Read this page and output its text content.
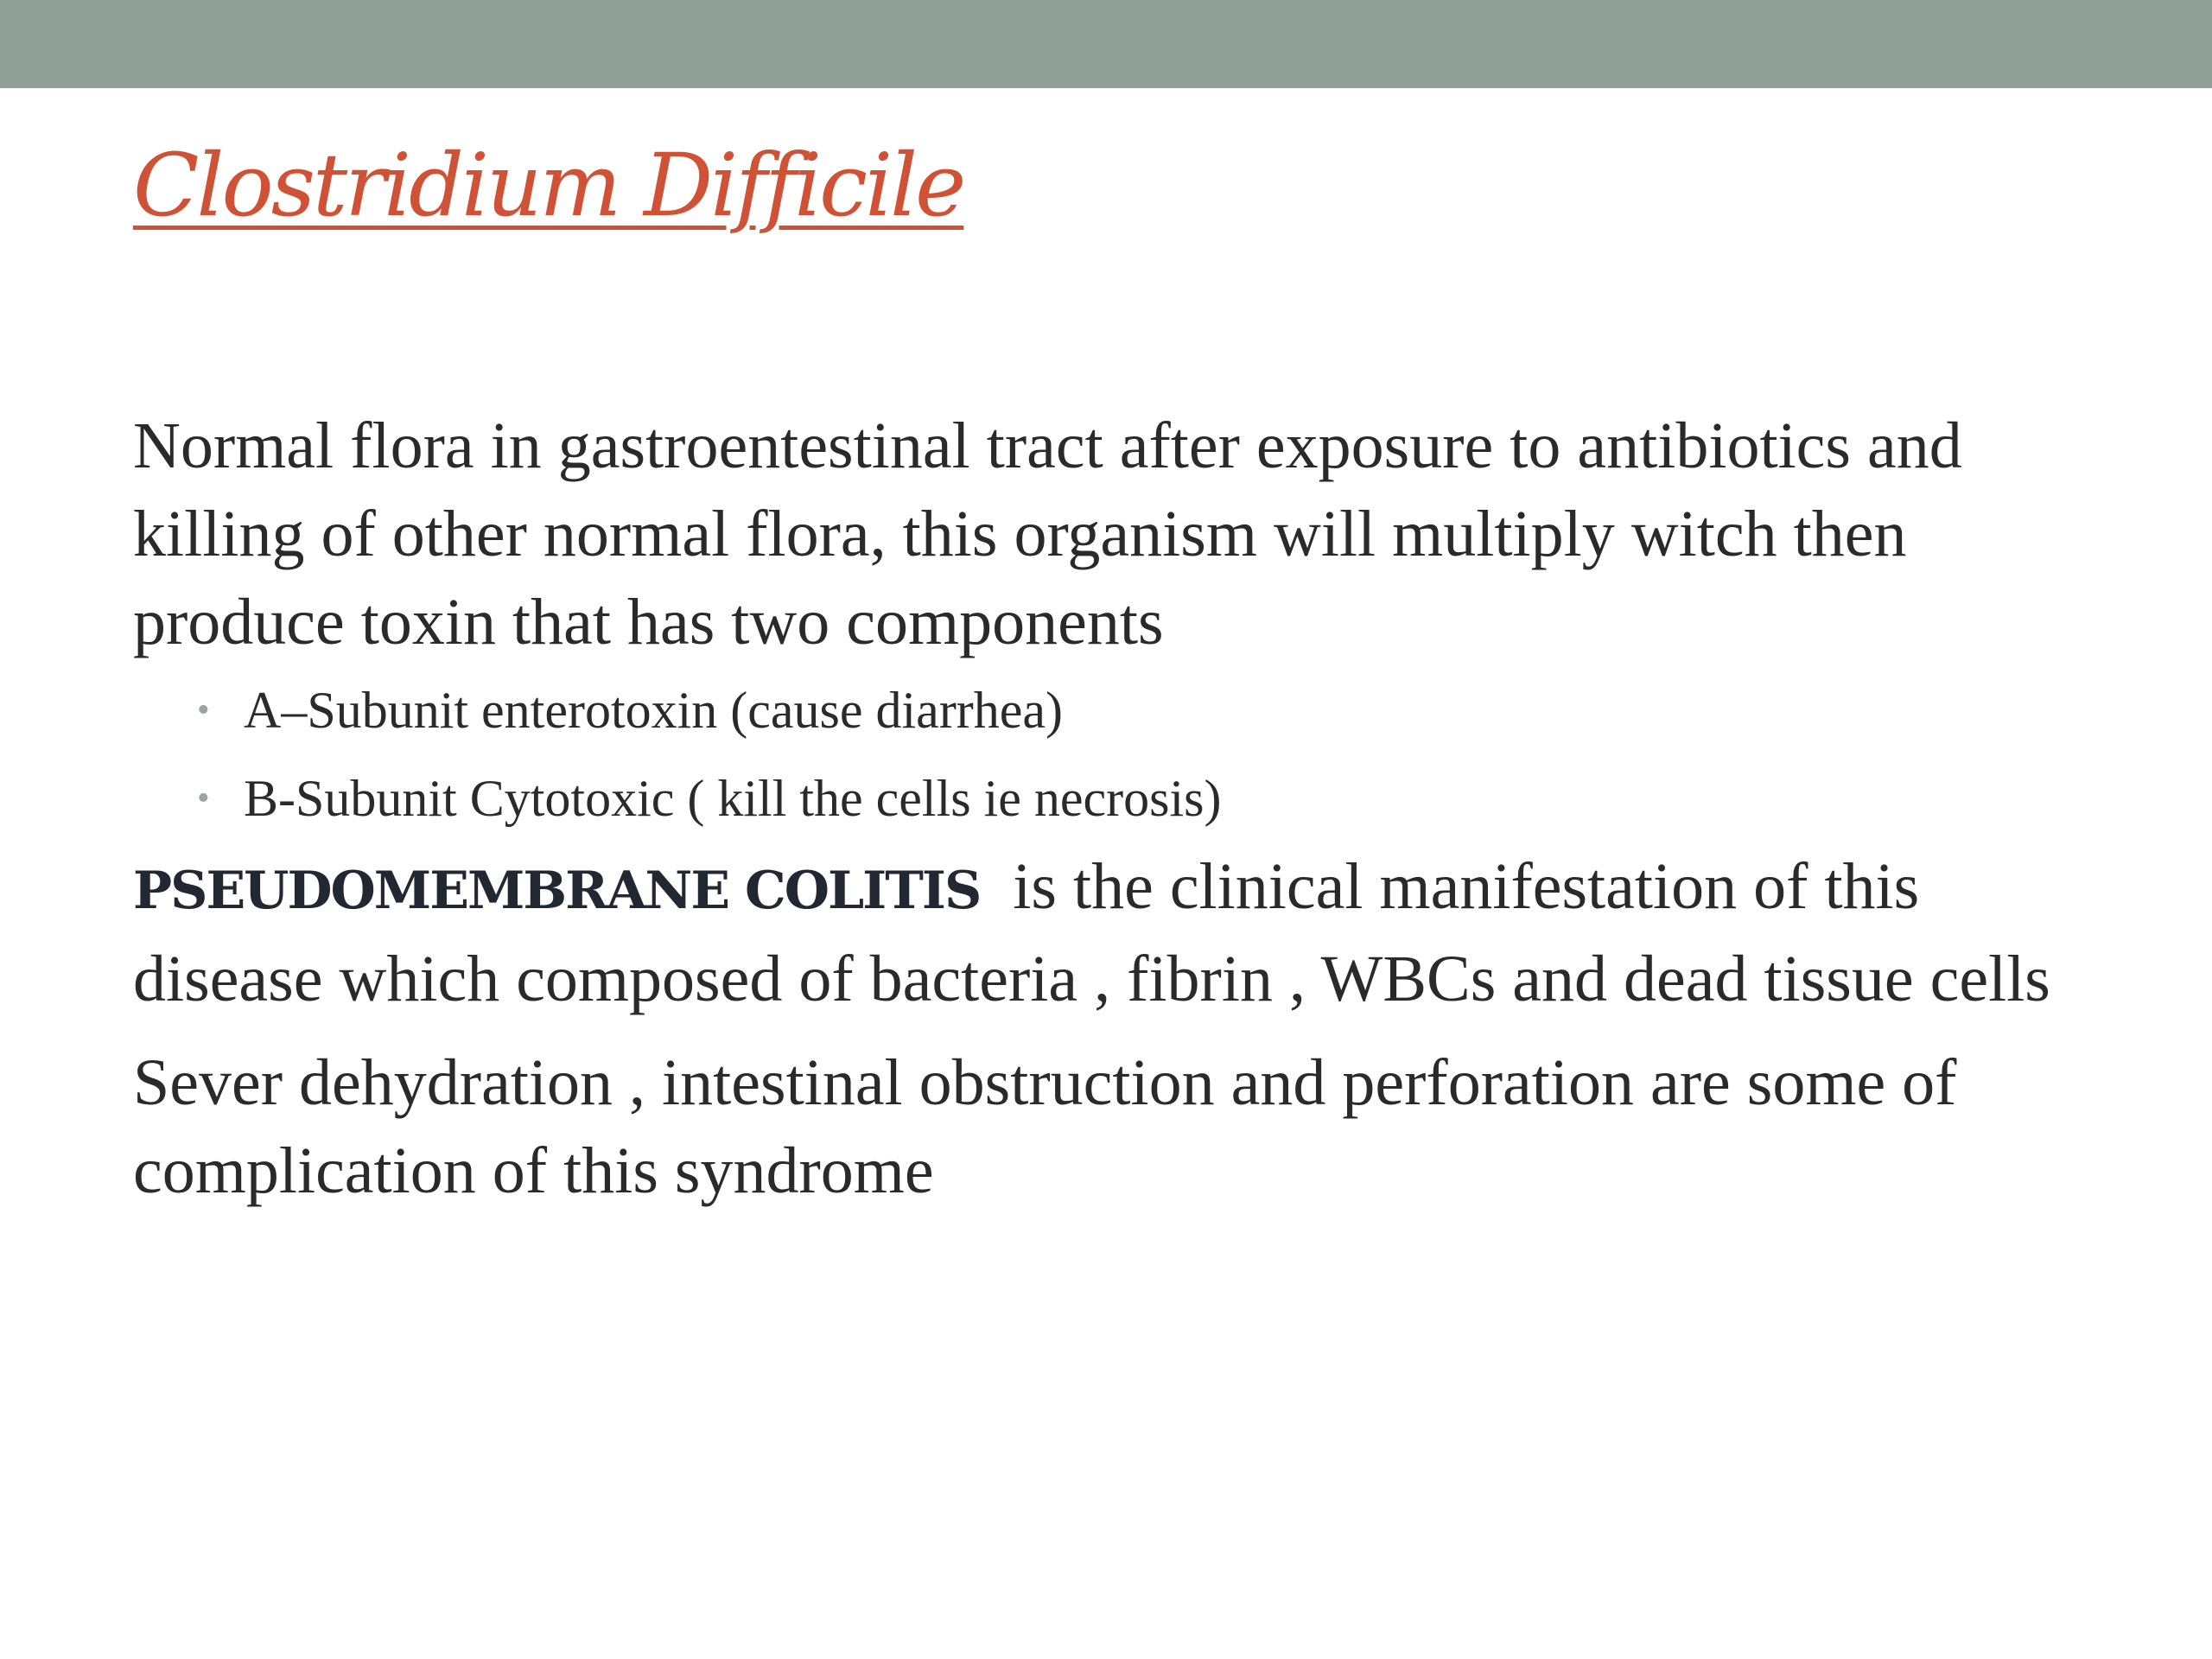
Clostridium Difficile

Normal flora in gastroentestinal tract after exposure to antibiotics and killing of other normal flora, this organism will multiply witch then produce toxin that has two components

• A–Subunit enterotoxin (cause diarrhea)
• B-Subunit Cytotoxic ( kill the cells ie necrosis)

PSEUDOMEMBRANE COLITIS  is the clinical manifestation of this disease which composed of bacteria , fibrin , WBCs and dead tissue cells

Sever dehydration , intestinal obstruction and perforation are some of complication of this syndrome
